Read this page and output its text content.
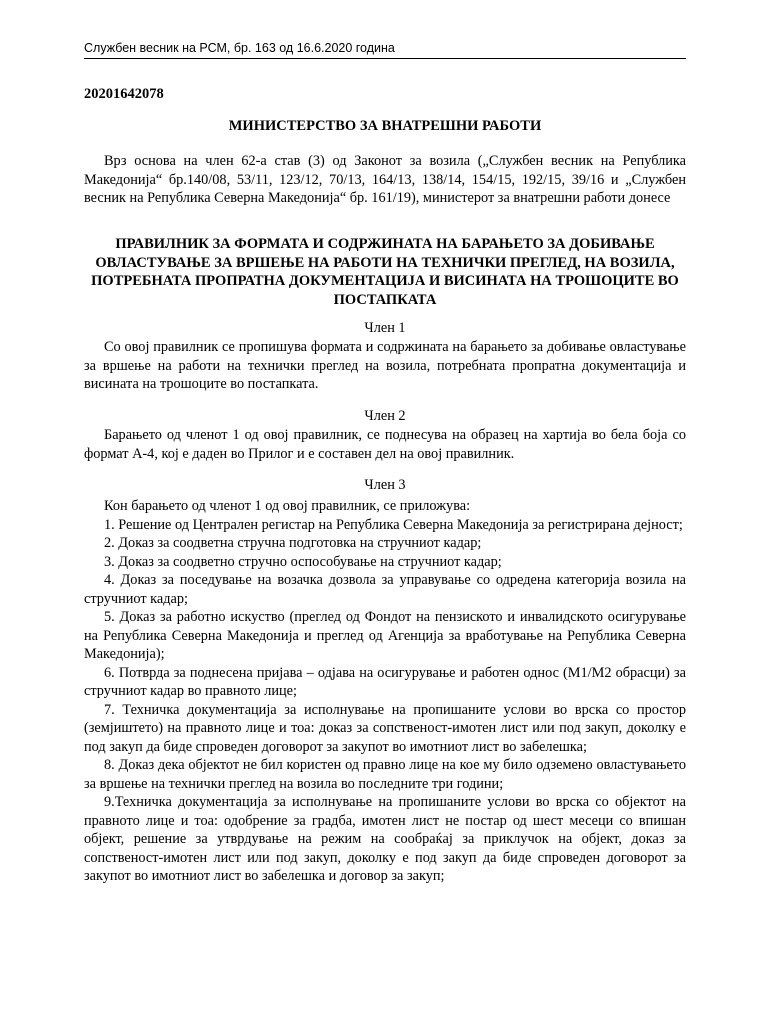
Службен весник на РСМ, бр. 163 од 16.6.2020 година
20201642078
МИНИСТЕРСТВО ЗА ВНАТРЕШНИ РАБОТИ
Врз основа на член 62-а став (3) од Законот за возила („Службен весник на Република Македонија“ бр.140/08, 53/11, 123/12, 70/13, 164/13, 138/14, 154/15, 192/15, 39/16 и „Службен весник на Република Северна Македонија“ бр. 161/19), министерот за внатрешни работи донесе
ПРАВИЛНИК ЗА ФОРМАТА И СОДРЖИНАТА НА БАРАЊЕТО ЗА ДОБИВАЊЕ ОВЛАСТУВАЊЕ ЗА ВРШЕЊЕ НА РАБОТИ НА ТЕХНИЧКИ ПРЕГЛЕД, НА ВОЗИЛА, ПОТРЕБНАТА ПРОПРАТНА ДОКУМЕНТАЦИЈА И ВИСИНАТА НА ТРОШОЦИТЕ ВО ПОСТАПКАТА
Член 1

Со овој правилник се пропишува формата и содржината на барањето за добивање овластување за вршење на работи на технички преглед на возила, потребната пропратна документација и висината на трошоците во постапката.

Член 2

Барањето од членот 1 од овој правилник, се поднесува на образец на хартија во бела боја со формат А-4, кој е даден во Прилог и е составен дел на овој правилник.

Член 3

Кон барањето од членот 1 од овој правилник, се приложува:

1. Решение од Централен регистар на Република Северна Македонија за регистрирана дејност;

2. Доказ за соодветна стручна подготовка на стручниот кадар;

3. Доказ за соодветно стручно оспособување на стручниот кадар;

4. Доказ за поседување на возачка дозвола за управување со одредена категорија возила на стручниот кадар;

5. Доказ за работно искуство (преглед од Фондот на пензиското и инвалидското осигурување на Република Северна Македонија и преглед од Агенција за вработување на Република Северна Македонија);

6. Потврда за поднесена пријава – одјава на осигурување и работен однос (М1/М2 обрасци) за стручниот кадар во правното лице;

7. Техничка документација за исполнување на пропишаните услови во врска со простор (земјиштето) на правното лице и тоа: доказ за сопственост-имотен лист или под закуп, доколку е под закуп да биде спроведен договорот за закупот во имотниот лист во забелешка;

8. Доказ дека објектот не бил користен од правно лице на кое му било одземено овластувањето за вршење на технички преглед на возила во последните три години;

9.Техничка документација за исполнување на пропишаните услови во врска со објектот на правното лице и тоа: одобрение за градба, имотен лист не постар од шест месеци со впишан објект, решение за утврдување на режим на сообраќај за приклучок на објект, доказ за сопственост-имотен лист или под закуп, доколку е под закуп да биде спроведен договорот за закупот во имотниот лист во забелешка и договор за закуп;
